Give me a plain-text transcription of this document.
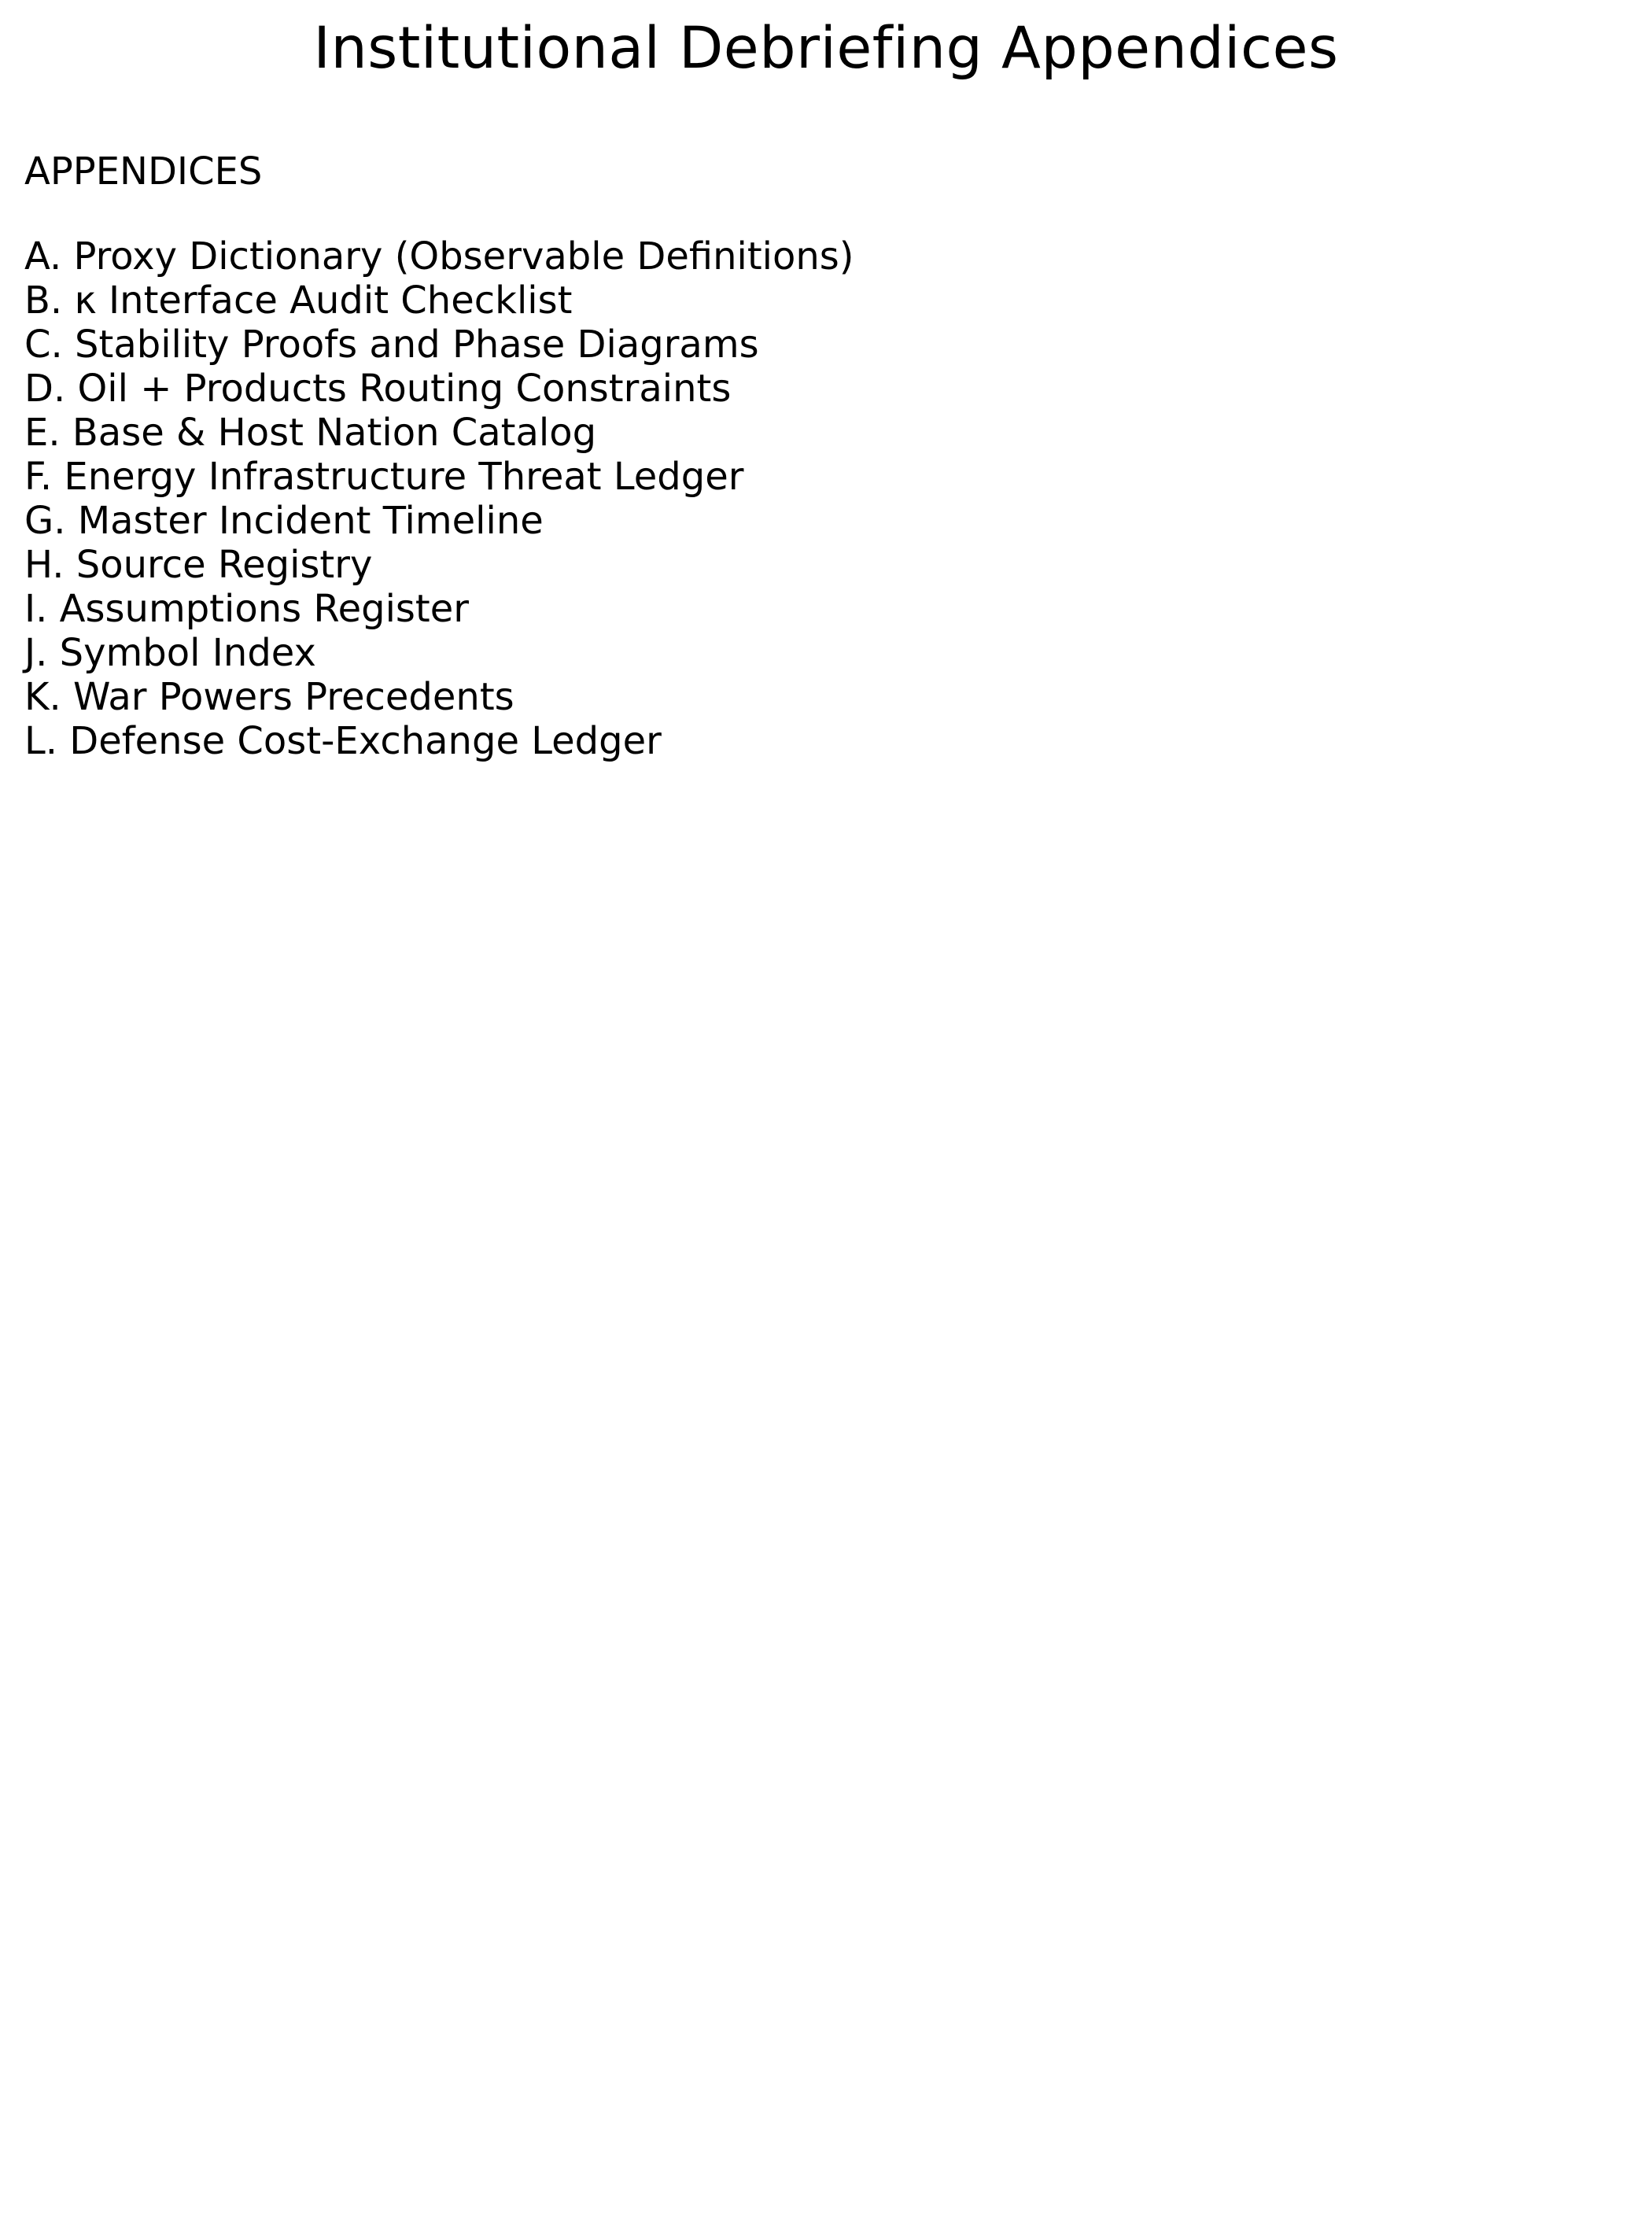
Institutional Debriefing Appendices
APPENDICES
A. Proxy Dictionary (Observable Definitions)
B. κ Interface Audit Checklist
C. Stability Proofs and Phase Diagrams
D. Oil + Products Routing Constraints
E. Base & Host Nation Catalog
F. Energy Infrastructure Threat Ledger
G. Master Incident Timeline
H. Source Registry
I. Assumptions Register
J. Symbol Index
K. War Powers Precedents
L. Defense Cost-Exchange Ledger
